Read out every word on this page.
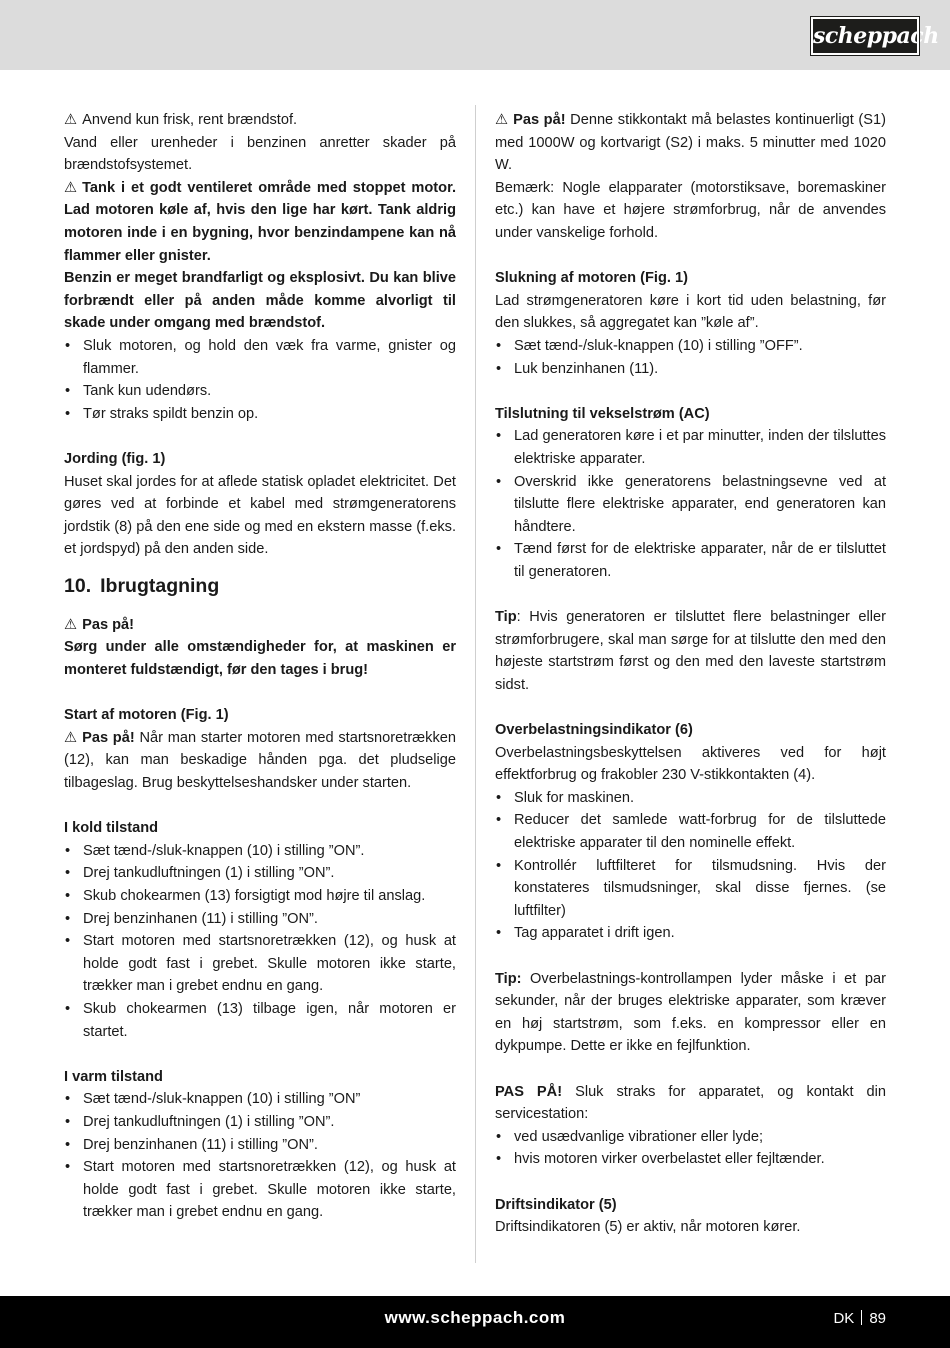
scheppach

⚠ Anvend kun frisk, rent brændstof.

Vand eller urenheder i benzinen anretter skader på brændstofsystemet.

⚠ Tank i et godt ventileret område med stoppet motor. Lad motoren køle af, hvis den lige har kørt. Tank aldrig motoren inde i en bygning, hvor benzindampene kan nå flammer eller gnister.

Benzin er meget brandfarligt og eksplosivt. Du kan blive forbrændt eller på anden måde komme alvorligt til skade under omgang med brændstof.

• Sluk motoren, og hold den væk fra varme, gnister og flammer.

• Tank kun udendørs.

• Tør straks spildt benzin op.

Jording (fig. 1)

Huset skal jordes for at aflede statisk opladet elektricitet. Det gøres ved at forbinde et kabel med strømgeneratorens jordstik (8) på den ene side og med en ekstern masse (f.eks. et jordspyd) på den anden side.

10. Ibrugtagning

⚠ Pas på!

Sørg under alle omstændigheder for, at maskinen er monteret fuldstændigt, før den tages i brug!

Start af motoren (Fig. 1)

⚠ Pas på! Når man starter motoren med startsnoretrækken (12), kan man beskadige hånden pga. det pludselige tilbageslag. Brug beskyttelseshandsker under starten.

I kold tilstand

• Sæt tænd-/sluk-knappen (10) i stilling ”ON”.

• Drej tankudluftningen (1) i stilling ”ON”.

• Skub chokearmen (13) forsigtigt mod højre til anslag.

• Drej benzinhanen (11) i stilling ”ON”.

• Start motoren med startsnoretrækken (12), og husk at holde godt fast i grebet. Skulle motoren ikke starte, trækker man i grebet endnu en gang.

• Skub chokearmen (13) tilbage igen, når motoren er startet.

I varm tilstand

• Sæt tænd-/sluk-knappen (10) i stilling ”ON”

• Drej tankudluftningen (1) i stilling ”ON”.

• Drej benzinhanen (11) i stilling ”ON”.

• Start motoren med startsnoretrækken (12), og husk at holde godt fast i grebet. Skulle motoren ikke starte, trækker man i grebet endnu en gang.

⚠ Pas på! Denne stikkontakt må belastes kontinuerligt (S1) med 1000W og kortvarigt (S2) i maks. 5 minutter med 1020 W.

Bemærk: Nogle elapparater (motorstiksave, boremaskiner etc.) kan have et højere strømforbrug, når de anvendes under vanskelige forhold.

Slukning af motoren (Fig. 1)

Lad strømgeneratoren køre i kort tid uden belastning, før den slukkes, så aggregatet kan ”køle af”.

• Sæt tænd-/sluk-knappen (10) i stilling ”OFF”.

• Luk benzinhanen (11).

Tilslutning til vekselstrøm (AC)

• Lad generatoren køre i et par minutter, inden der tilsluttes elektriske apparater.

• Overskrid ikke generatorens belastningsevne ved at tilslutte flere elektriske apparater, end generatoren kan håndtere.

• Tænd først for de elektriske apparater, når de er tilsluttet til generatoren.

Tip: Hvis generatoren er tilsluttet flere belastninger eller strømforbrugere, skal man sørge for at tilslutte den med den højeste startstrøm først og den med den laveste startstrøm sidst.

Overbelastningsindikator (6)

Overbelastningsbeskyttelsen aktiveres ved for højt effektforbrug og frakobler 230 V-stikkontakten (4).

• Sluk for maskinen.

• Reducer det samlede watt-forbrug for de tilsluttede elektriske apparater til den nominelle effekt.

• Kontrollér luftfilteret for tilsmudsning. Hvis der konstateres tilsmudsninger, skal disse fjernes. (se luftfilter)

• Tag apparatet i drift igen.

Tip: Overbelastnings-kontrollampen lyder måske i et par sekunder, når der bruges elektriske apparater, som kræver en høj startstrøm, som f.eks. en kompressor eller en dykpumpe. Dette er ikke en fejlfunktion.

PAS PÅ! Sluk straks for apparatet, og kontakt din servicestation:

• ved usædvanlige vibrationer eller lyde;

• hvis motoren virker overbelastet eller fejltænder.

Driftsindikator (5)

Driftsindikatoren (5) er aktiv, når motoren kører.

www.scheppach.com	DK 89
